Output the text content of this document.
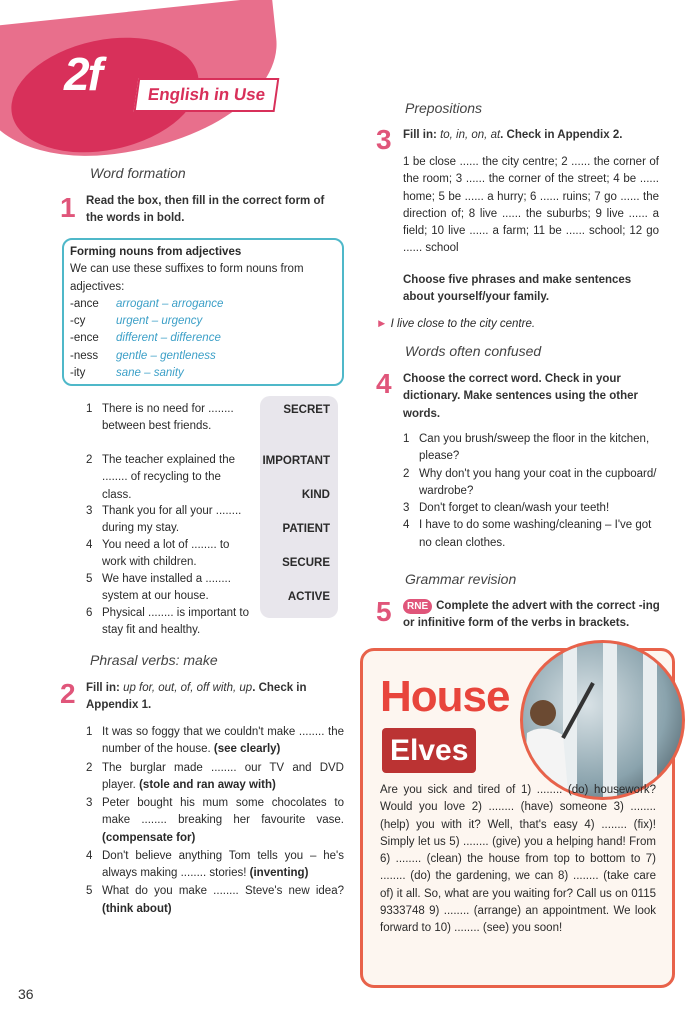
2f	English in Use
Word formation
1 Read the box, then fill in the correct form of the words in bold.
Forming nouns from adjectives
We can use these suffixes to form nouns from adjectives:
-ance	arrogant – arrogance
-cy	urgent – urgency
-ence	different – difference
-ness	gentle – gentleness
-ity	sane – sanity
1 There is no need for ........ between best friends.
2 The teacher explained the ........ of recycling to the class.
3 Thank you for all your ........ during my stay.
4 You need a lot of ........ to work with children.
5 We have installed a ........ system at our house.
6 Physical ........ is important to stay fit and healthy.
SECRET
IMPORTANT
KIND
PATIENT
SECURE
ACTIVE
Phrasal verbs: make
2 Fill in: up for, out, of, off with, up. Check in Appendix 1.
1 It was so foggy that we couldn't make ........ the number of the house. (see clearly)
2 The burglar made ........ our TV and DVD player. (stole and ran away with)
3 Peter bought his mum some chocolates to make ........ breaking her favourite vase. (compensate for)
4 Don't believe anything Tom tells you – he's always making ........ stories! (inventing)
5 What do you make ........ Steve's new idea? (think about)
Prepositions
3 Fill in: to, in, on, at. Check in Appendix 2.
1 be close ...... the city centre; 2 ...... the corner of the room; 3 ...... the corner of the street; 4 be ...... home; 5 be ...... a hurry; 6 ...... ruins; 7 go ...... the direction of; 8 live ...... the suburbs; 9 live ...... a field; 10 live ...... a farm; 11 be ...... school; 12 go ...... school
Choose five phrases and make sentences about yourself/your family.
► I live close to the city centre.
Words often confused
4 Choose the correct word. Check in your dictionary. Make sentences using the other words.
1 Can you brush/sweep the floor in the kitchen, please?
2 Why don't you hang your coat in the cupboard/ wardrobe?
3 Don't forget to clean/wash your teeth!
4 I have to do some washing/cleaning – I've got no clean clothes.
Grammar revision
5	RNE Complete the advert with the correct -ing or infinitive form of the verbs in brackets.
House
Elves
Are you sick and tired of 1) ........ (do) housework? Would you love 2) ........ (have) someone 3) ........ (help) you with it? Well, that's easy 4) ........ (fix)! Simply let us 5) ........ (give) you a helping hand! From 6) ........ (clean) the house from top to bottom to 7) ........ (do) the gardening, we can 8) ........ (take care of) it all. So, what are you waiting for? Call us on 0115 9333748 9) ........ (arrange) an appointment. We look forward to 10) ........ (see) you soon!
36
